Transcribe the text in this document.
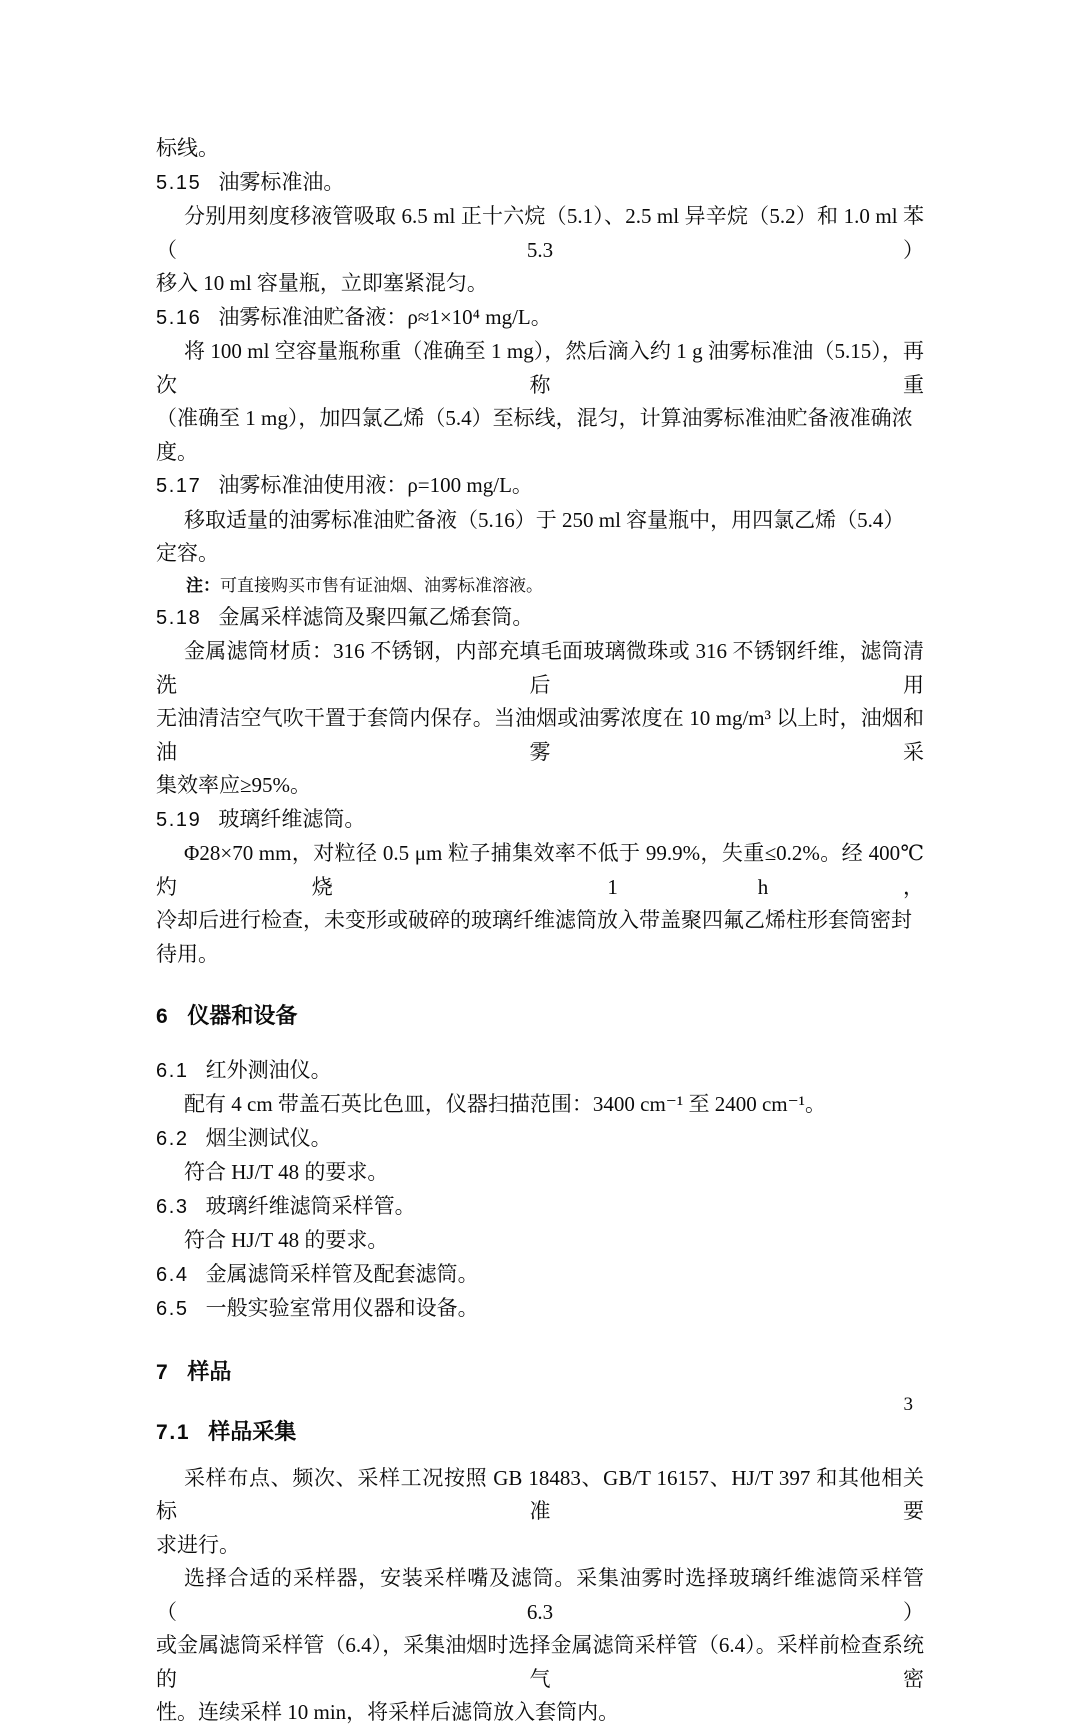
标线。
5.15 油雾标准油。
分别用刻度移液管吸取 6.5 ml 正十六烷（5.1）、2.5 ml 异辛烷（5.2）和 1.0 ml 苯（5.3）
移入 10 ml 容量瓶，立即塞紧混匀。
5.16 油雾标准油贮备液：ρ≈1×10⁴ mg/L。
将 100 ml 空容量瓶称重（准确至 1 mg），然后滴入约 1 g 油雾标准油（5.15），再次称重
（准确至 1 mg），加四氯乙烯（5.4）至标线，混匀，计算油雾标准油贮备液准确浓度。
5.17 油雾标准油使用液：ρ=100 mg/L。
移取适量的油雾标准油贮备液（5.16）于 250 ml 容量瓶中，用四氯乙烯（5.4）定容。
注：可直接购买市售有证油烟、油雾标准溶液。
5.18 金属采样滤筒及聚四氟乙烯套筒。
金属滤筒材质：316 不锈钢，内部充填毛面玻璃微珠或 316 不锈钢纤维，滤筒清洗后用
无油清洁空气吹干置于套筒内保存。当油烟或油雾浓度在 10 mg/m³ 以上时，油烟和油雾采
集效率应≥95%。
5.19 玻璃纤维滤筒。
Φ28×70 mm，对粒径 0.5 μm 粒子捕集效率不低于 99.9%，失重≤0.2%。经 400℃灼烧 1 h，
冷却后进行检查，未变形或破碎的玻璃纤维滤筒放入带盖聚四氟乙烯柱形套筒密封待用。
6 仪器和设备
6.1 红外测油仪。
配有 4 cm 带盖石英比色皿，仪器扫描范围：3400 cm⁻¹ 至 2400 cm⁻¹。
6.2 烟尘测试仪。
符合 HJ/T 48 的要求。
6.3 玻璃纤维滤筒采样管。
符合 HJ/T 48 的要求。
6.4 金属滤筒采样管及配套滤筒。
6.5 一般实验室常用仪器和设备。
7 样品
7.1 样品采集
采样布点、频次、采样工况按照 GB 18483、GB/T 16157、HJ/T 397 和其他相关标准要
求进行。
选择合适的采样器，安装采样嘴及滤筒。采集油雾时选择玻璃纤维滤筒采样管（6.3）
或金属滤筒采样管（6.4），采集油烟时选择金属滤筒采样管（6.4）。采样前检查系统的气密
性。连续采样 10 min，将采样后滤筒放入套筒内。
3
